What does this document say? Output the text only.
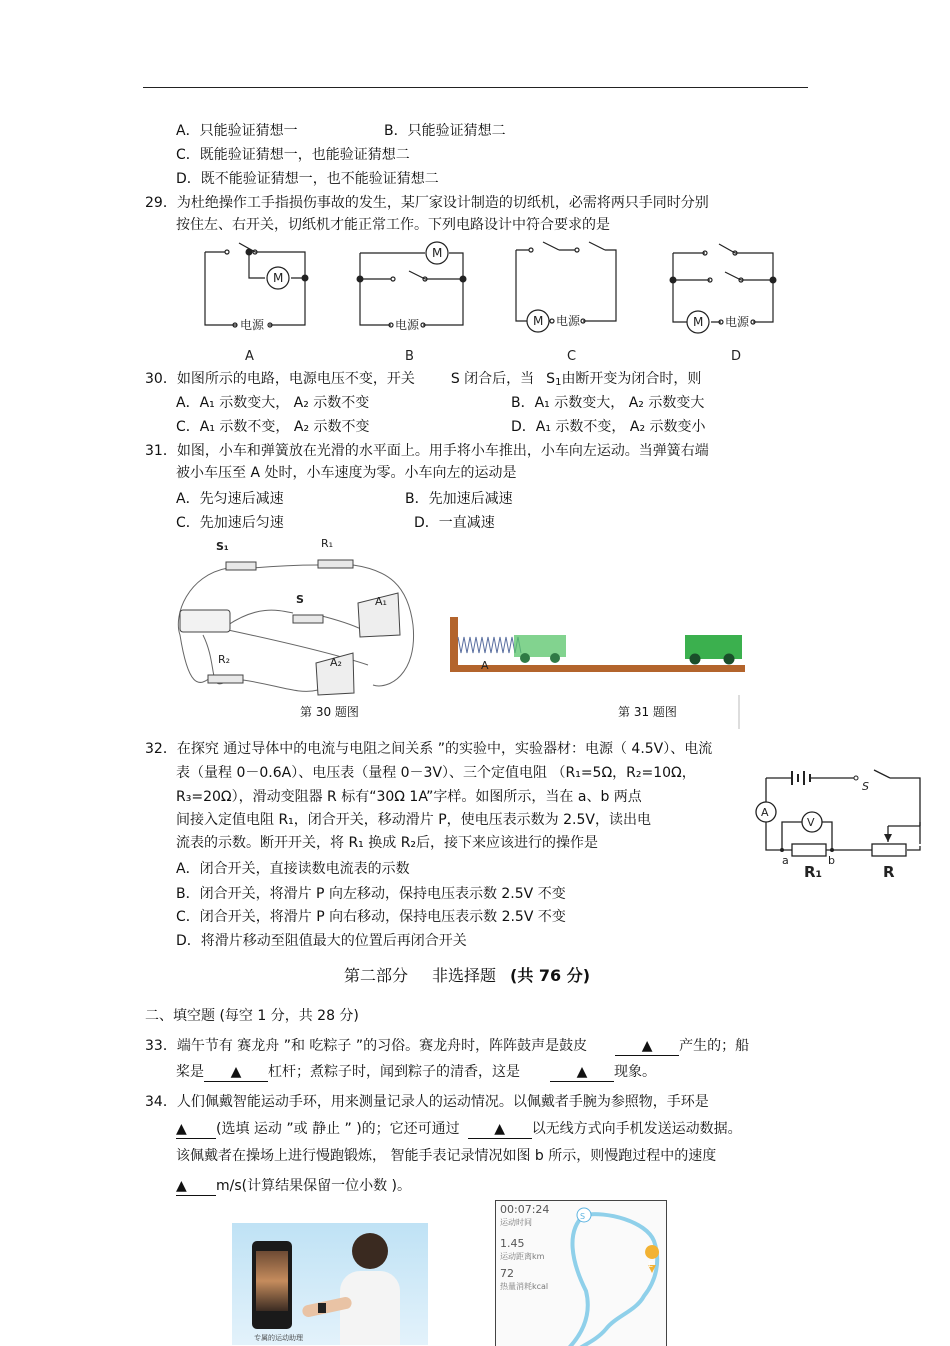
A．只能验证猜想一	B．只能验证猜想二
C．既能验证猜想一，也能验证猜想二
D．既不能验证猜想一，也不能验证猜想二
29．为杜绝操作工手指损伤事故的发生，某厂家设计制造的切纸机，必需将两只手同时分别
按住左、右开关，切纸机才能正常工作。下列电路设计中符合要求的是
M
M
M	M
电源	电源	电源	电源
A	B	C	D
30．如图所示的电路，电源电压不变，开关	S 闭合后，当 $S_1$由断开变为闭合时，则
A．A₁ 示数变大， A₂ 示数不变	B．A₁ 示数变大， A₂ 示数变大
C．A₁ 示数不变， A₂ 示数不变	D．A₁ 示数不变， A₂ 示数变小
31．如图，小车和弹簧放在光滑的水平面上。用手将小车推出，小车向左运动。当弹簧右端
被小车压至 A 处时，小车速度为零。小车向左的运动是
A．先匀速后减速	B．先加速后减速
C．先加速后匀速	D．一直减速
S₁	R₁
S	A₁
R₂	A₂
第 30 题图
A
第 31 题图
32．在探究 通过导体中的电流与电阻之间关系 ”的实验中，实验器材：电源（ 4.5V）、电流
表（量程 0－0.6A）、电压表（量程 0－3V）、三个定值电阻 （R₁=5Ω，R₂=10Ω，
R₃=20Ω），滑动变阻器 R 标有“30Ω 1A”字样。如图所示，当在 a、b 两点
间接入定值电阻 R₁，闭合开关，移动滑片 P，使电压表示数为 2.5V，读出电
流表的示数。断开开关，将 R₁ 换成 R₂后，接下来应该进行的操作是
A．闭合开关，直接读数电流表的示数
B．闭合开关，将滑片 P 向左移动，保持电压表示数 2.5V 不变
C．闭合开关，将滑片 P 向右移动，保持电压表示数 2.5V 不变
D．将滑片移动至阻值最大的位置后再闭合开关
A
V
S
a	b
R₁	R
第二部分 非选择题 (共 76 分)
二、填空题 (每空 1 分，共 28 分)
33．端午节有 赛龙舟 ”和 吃粽子 ”的习俗。赛龙舟时，阵阵鼓声是鼓皮	▲ 产生的；船
桨是 ▲ 杠杆；煮粽子时，闻到粽子的清香，这是	▲ 现象。
34．人们佩戴智能运动手环，用来测量记录人的运动情况。以佩戴者手腕为参照物，手环是
▲ (选填 运动 ”或 静止 ” )的；它还可通过 ▲ 以无线方式向手机发送运动数据。
该佩戴者在操场上进行慢跑锻炼， 智能手表记录情况如图 b 所示，则慢跑过程中的速度
▲ m/s(计算结果保留一位小数 )。
专属的运动助理
S
E
00:07:24
运动时间
1.45
运动距离km
72
热量消耗kcal
